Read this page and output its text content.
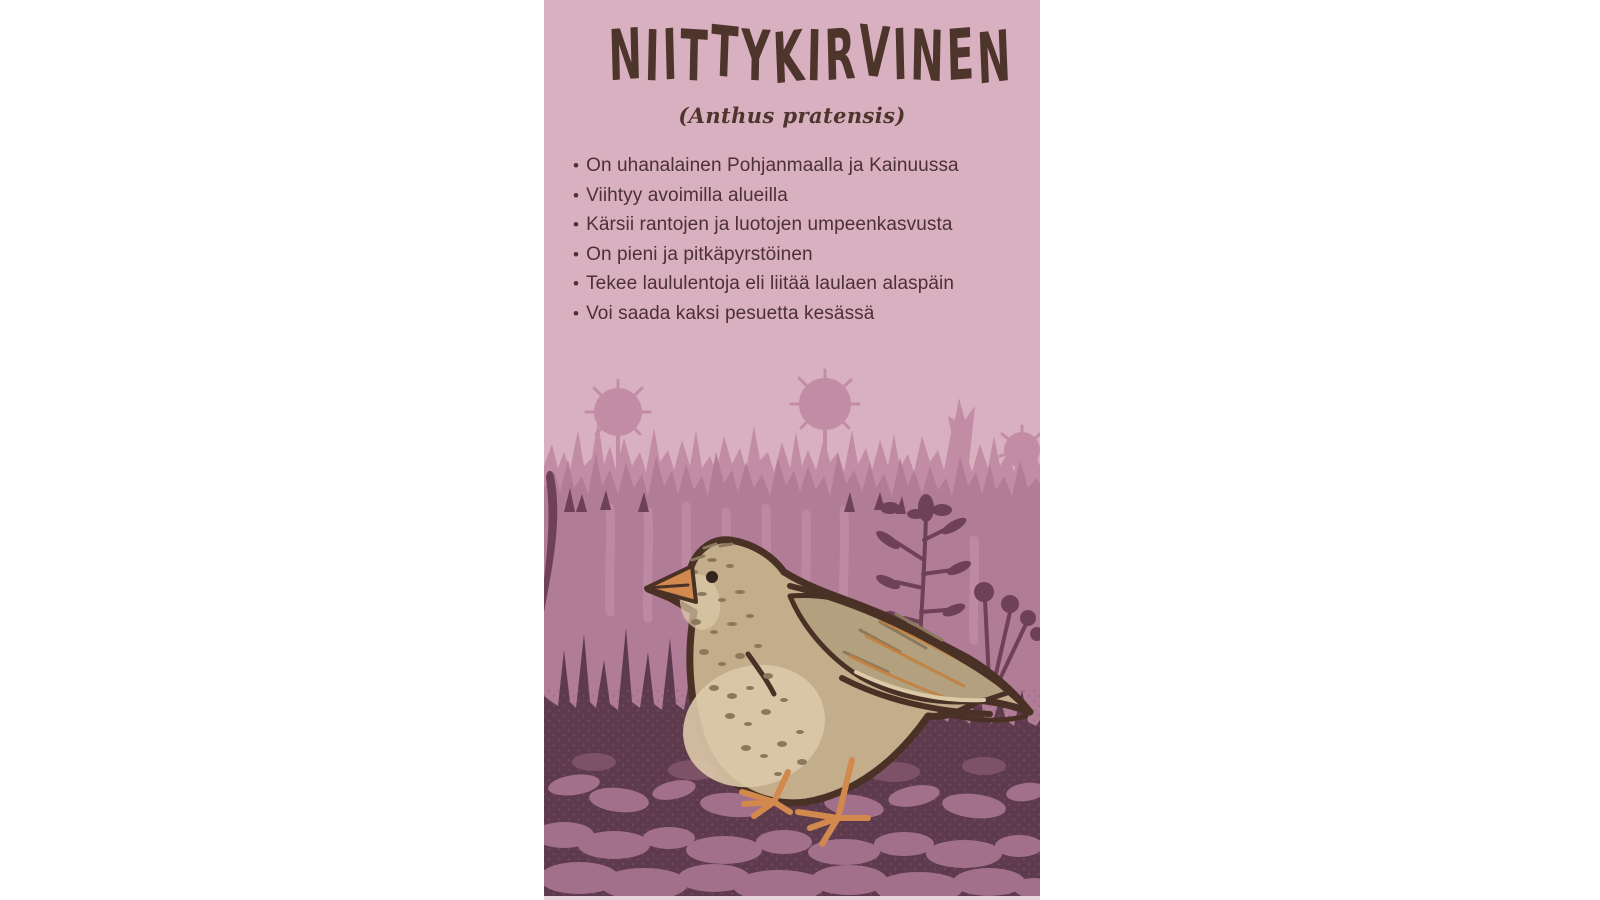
NIITTYKIRVINEN
(Anthus pratensis)
• On uhanalainen Pohjanmaalla ja Kainuussa
• Viihtyy avoimilla alueilla
• Kärsii rantojen ja luotojen umpeenkasvusta
• On pieni ja pitkäpyrstöinen
• Tekee laululentoja eli liitää laulaen alaspäin
• Voi saada kaksi pesuetta kesässä
